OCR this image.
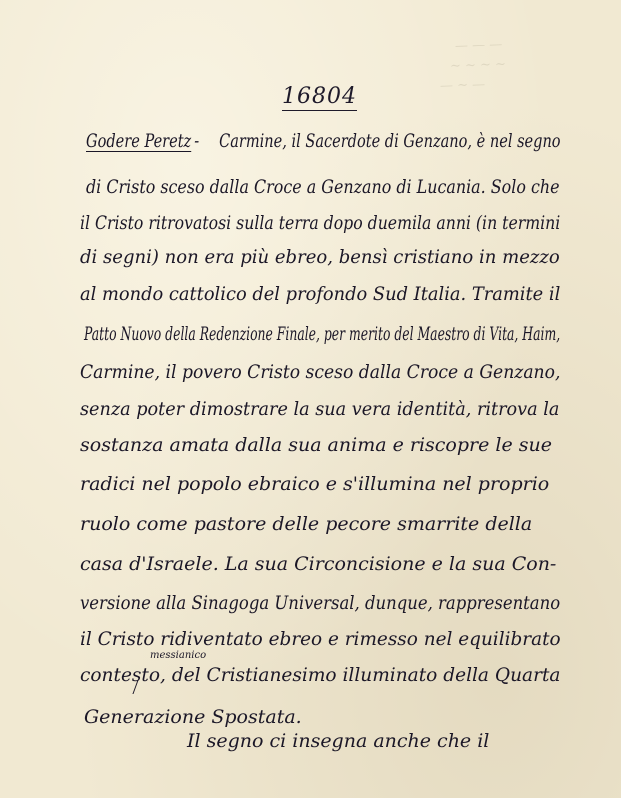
— — —
~ ~ ~ ~
— ~ —
16804
Godere Peretz - Carmine, il Sacerdote di Genzano, è nel segno
di Cristo sceso dalla Croce a Genzano di Lucania. Solo che
il Cristo ritrovatosi sulla terra dopo duemila anni (in termini
di segni) non era più ebreo, bensì cristiano in mezzo
al mondo cattolico del profondo Sud Italia. Tramite il
Patto Nuovo della Redenzione Finale, per merito del Maestro di Vita, Haim,
Carmine, il povero Cristo sceso dalla Croce a Genzano,
senza poter dimostrare la sua vera identità, ritrova la
sostanza amata dalla sua anima e riscopre le sue
radici nel popolo ebraico e s'illumina nel proprio
ruolo come pastore delle pecore smarrite della
casa d'Israele. La sua Circoncisione e la sua Con-
versione alla Sinagoga Universal, dunque, rappresentano
il Cristo ridiventato ebreo e rimesso nel equilibrato
contesto, del Cristianesimo illuminato della Quarta
Generazione Spostata.
messianico
Il segno ci insegna anche che il
